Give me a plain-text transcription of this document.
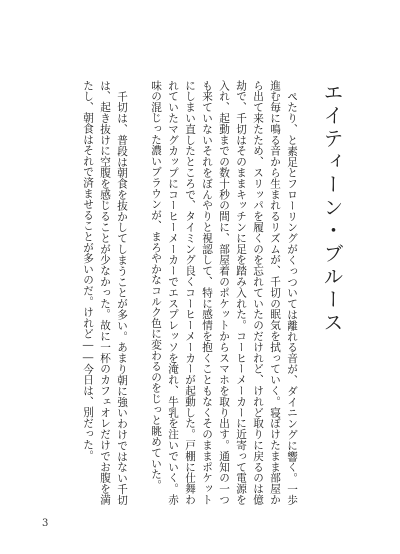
エイティーン・ブルース

ぺたり、と素足とフローリングがくっついては離れる音が、ダイニングに響く。一歩進む毎に鳴る音から生まれるリズムが、千切の眠気を拭っていく。寝ぼけたまま部屋から出て来たため、スリッパを履くのを忘れていたのだけれど、けれど取りに戻るのは億劫で、千切はそのままキッチンに足を踏み入れた。コーヒーメーカーに近寄って電源を入れ、起動までの数十秒の間に、部屋着のポケットからスマホを取り出す。通知の一つも来ていないそれをぼんやりと視認して、特に感情を抱くこともなくそのままポケットにしまい直したところで、タイミング良くコーヒーメーカーが起動した。戸棚に仕舞われていたマグカップにコーヒーメーカーでエスプレッソを淹れ、牛乳を注いでいく。赤味の混じった濃いブラウンが、まろやかなコルク色に変わるのをじっと眺めていた。

千切は、普段は朝食を抜かしてしまうことが多い。あまり朝に強いわけではない千切は、起き抜けに空腹を感じることが少なかった。故に一杯のカフェオレだけでお腹を満たし、朝食はそれで済ませることが多いのだ。けれど――今日は、別だった。

3
